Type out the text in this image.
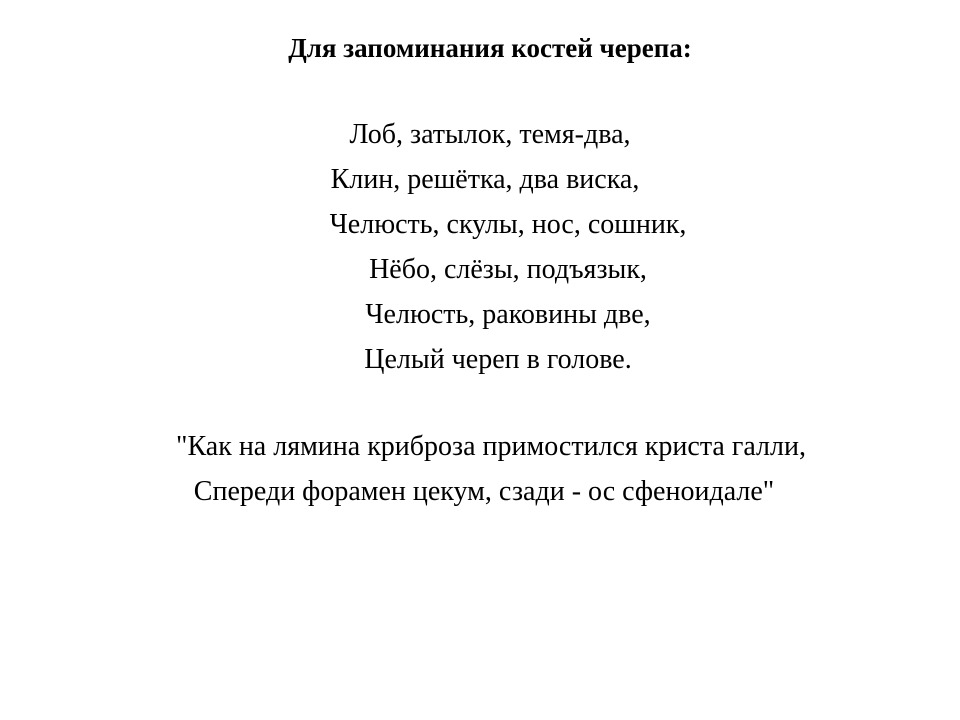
Для запоминания костей черепа:
Лоб, затылок, темя-два,
Клин, решётка, два виска,
Челюсть, скулы, нос, сошник,
Нёбо, слёзы, подъязык,
Челюсть, раковины две,
Целый череп в голове.
"Как на лямина криброза примостился криста галли,
Спереди форамен цекум, сзади - ос сфеноидале"
